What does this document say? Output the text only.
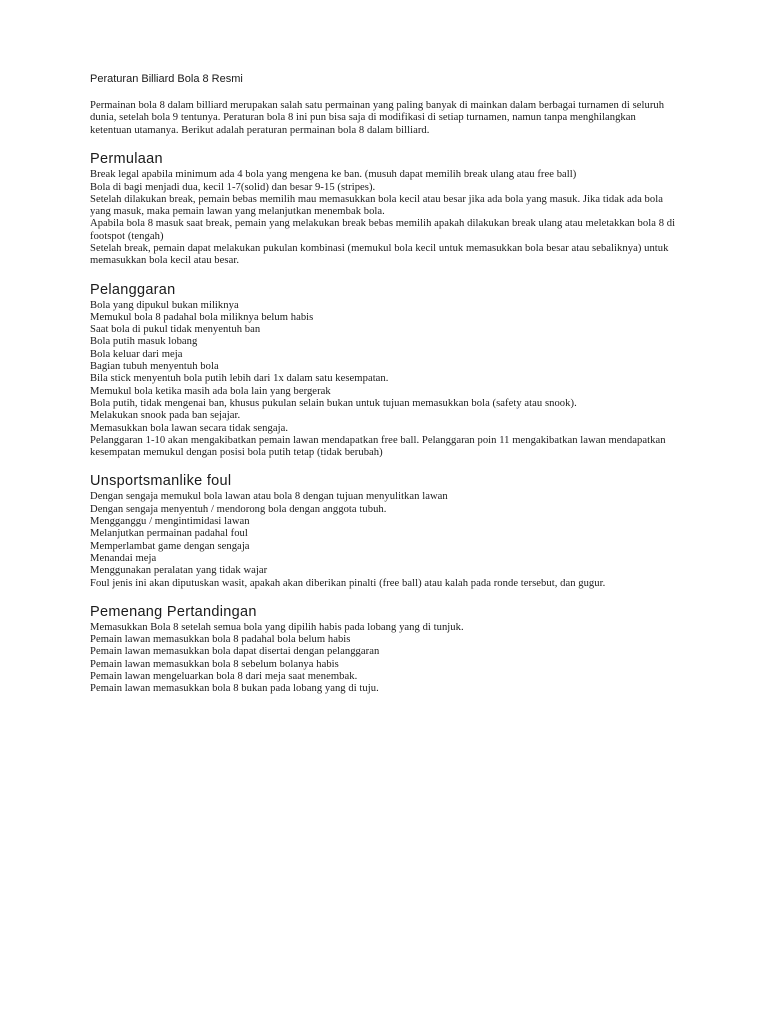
Peraturan Billiard Bola 8 Resmi

Permainan bola 8 dalam billiard merupakan salah satu permainan yang paling banyak di mainkan dalam berbagai turnamen di seluruh dunia, setelah bola 9 tentunya. Peraturan bola 8 ini pun bisa saja di modifikasi di setiap turnamen, namun tanpa menghilangkan ketentuan utamanya. Berikut adalah peraturan permainan bola 8 dalam billiard.

Permulaan
Break legal apabila minimum ada 4 bola yang mengena ke ban. (musuh dapat memilih break ulang atau free ball)
Bola di bagi menjadi dua, kecil 1-7(solid) dan besar 9-15 (stripes).
Setelah dilakukan break, pemain bebas memilih mau memasukkan bola kecil atau besar jika ada bola yang masuk. Jika tidak ada bola yang masuk, maka pemain lawan yang melanjutkan menembak bola.
Apabila bola 8 masuk saat break, pemain yang melakukan break bebas memilih apakah dilakukan break ulang atau meletakkan bola 8 di footspot (tengah)
Setelah break, pemain dapat melakukan pukulan kombinasi (memukul bola kecil untuk memasukkan bola besar atau sebaliknya) untuk memasukkan bola kecil atau besar.
Pelanggaran
Bola yang dipukul bukan miliknya
Memukul bola 8 padahal bola miliknya belum habis
Saat bola di pukul tidak menyentuh ban
Bola putih masuk lobang
Bola keluar dari meja
Bagian tubuh menyentuh bola
Bila stick menyentuh bola putih lebih dari 1x dalam satu kesempatan.
Memukul bola ketika masih ada bola lain yang bergerak
Bola putih, tidak mengenai ban, khusus pukulan selain bukan untuk tujuan memasukkan bola (safety atau snook).
Melakukan snook pada ban sejajar.
Memasukkan bola lawan secara tidak sengaja.
Pelanggaran 1-10 akan mengakibatkan pemain lawan mendapatkan free ball. Pelanggaran poin 11 mengakibatkan lawan mendapatkan kesempatan memukul dengan posisi bola putih tetap (tidak berubah)
Unsportsmanlike foul
Dengan sengaja memukul bola lawan atau bola 8 dengan tujuan menyulitkan lawan
Dengan sengaja menyentuh / mendorong bola dengan anggota tubuh.
Mengganggu / mengintimidasi lawan
Melanjutkan permainan padahal foul
Memperlambat game dengan sengaja
Menandai meja
Menggunakan peralatan yang tidak wajar
Foul jenis ini akan diputuskan wasit, apakah akan diberikan pinalti (free ball) atau kalah pada ronde tersebut, dan gugur.
Pemenang Pertandingan
Memasukkan Bola 8 setelah semua bola yang dipilih habis pada lobang yang di tunjuk.
Pemain lawan memasukkan bola 8 padahal bola belum habis
Pemain lawan memasukkan bola dapat disertai dengan pelanggaran
Pemain lawan memasukkan bola 8 sebelum bolanya habis
Pemain lawan mengeluarkan bola 8 dari meja saat menembak.
Pemain lawan memasukkan bola 8 bukan pada lobang yang di tuju.
